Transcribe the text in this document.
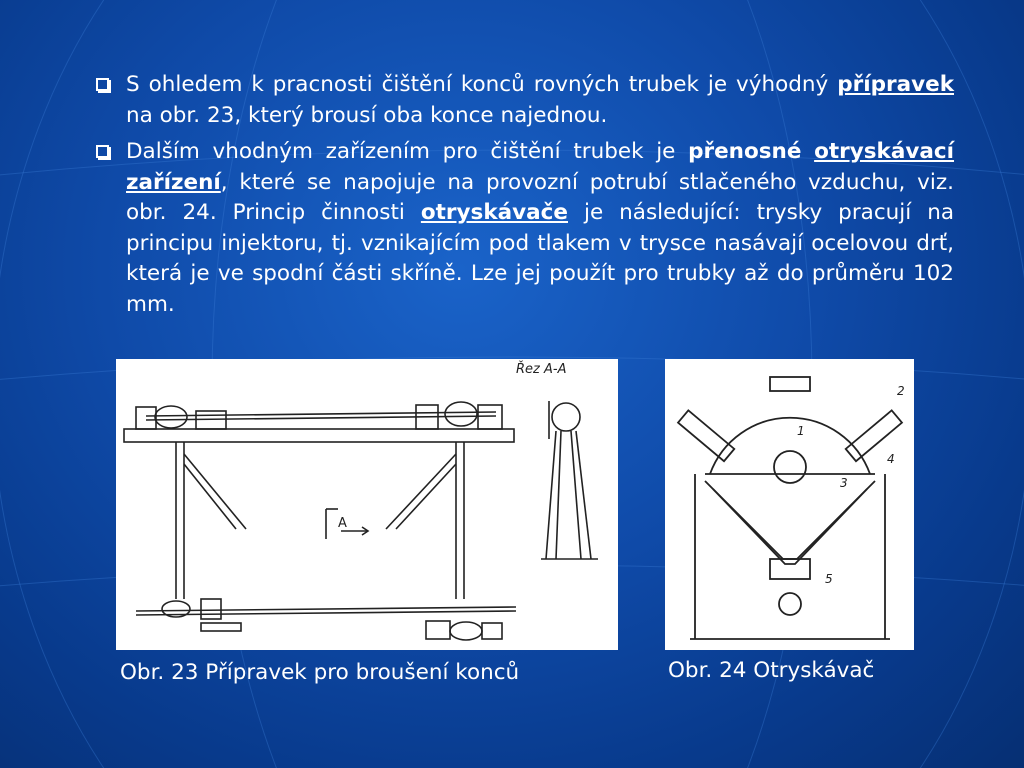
S ohledem k pracnosti čištění konců rovných trubek je výhodný přípravek na obr. 23, který brousí oba konce najednou.
Dalším vhodným zařízením pro čištění trubek je přenosné otryskávací zařízení, které se napojuje na provozní potrubí stlačeného vzduchu, viz. obr. 24. Princip činnosti otryskávače je následující: trysky pracují na principu injektoru, tj. vznikajícím pod tlakem v trysce nasávají ocelovou drť, která je ve spodní části skříně. Lze jej použít pro trubky až do průměru 102 mm.
Řez A-A
A
Obr. 23 Přípravek pro broušení konců
1
2
3
4
5
Obr. 24 Otryskávač
